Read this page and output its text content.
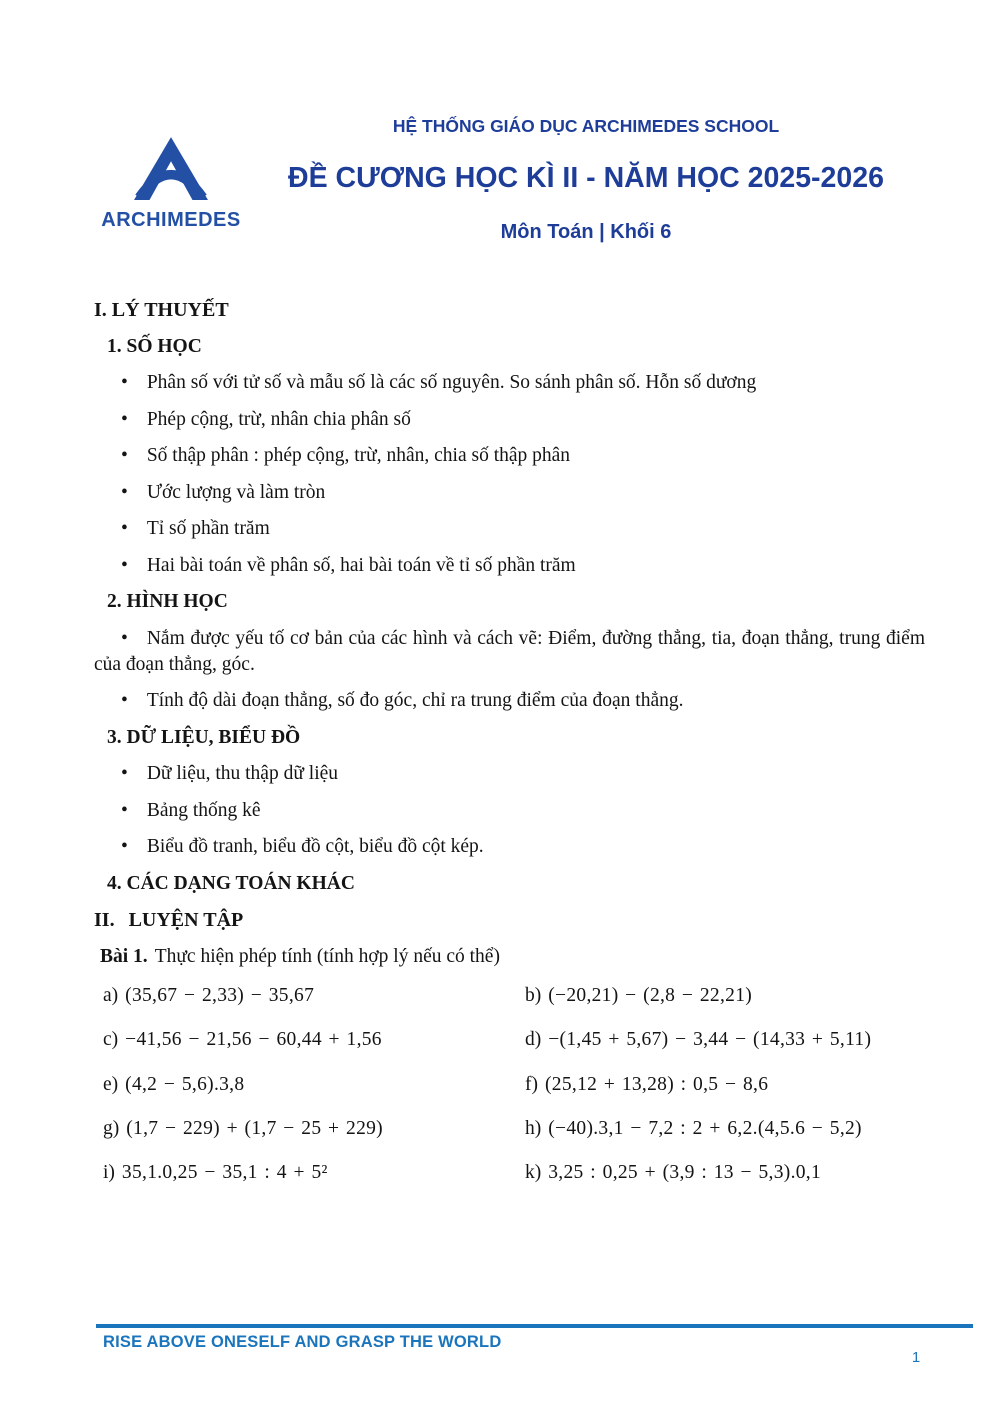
ARCHIMEDES
HỆ THỐNG GIÁO DỤC ARCHIMEDES SCHOOL
ĐỀ CƯƠNG HỌC KÌ II - NĂM HỌC 2025-2026
Môn Toán | Khối 6
I. LÝ THUYẾT
1. SỐ HỌC
• Phân số với tử số và mẫu số là các số nguyên. So sánh phân số. Hỗn số dương
• Phép cộng, trừ, nhân chia phân số
• Số thập phân : phép cộng, trừ, nhân, chia số thập phân
• Ước lượng và làm tròn
• Tỉ số phần trăm
• Hai bài toán về phân số, hai bài toán về tỉ số phần trăm
2. HÌNH HỌC
• Nắm được yếu tố cơ bản của các hình và cách vẽ: Điểm, đường thẳng, tia, đoạn thẳng, trung điểm của đoạn thẳng, góc.
• Tính độ dài đoạn thẳng, số đo góc, chỉ ra trung điểm của đoạn thẳng.
3. DỮ LIỆU, BIỂU ĐỒ
• Dữ liệu, thu thập dữ liệu
• Bảng thống kê
• Biểu đồ tranh, biểu đồ cột, biểu đồ cột kép.
4. CÁC DẠNG TOÁN KHÁC
II. LUYỆN TẬP
Bài 1. Thực hiện phép tính (tính hợp lý nếu có thể)
a) (35,67 − 2,33) − 35,67	b) (−20,21) − (2,8 − 22,21)
c) −41,56 − 21,56 − 60,44 + 1,56	d) −(1,45 + 5,67) − 3,44 − (14,33 + 5,11)
e) (4,2 − 5,6).3,8	f) (25,12 + 13,28) : 0,5 − 8,6
g) (1,7 − 229) + (1,7 − 25 + 229)	h) (−40).3,1 − 7,2 : 2 + 6,2.(4,5.6 − 5,2)
i) 35,1.0,25 − 35,1 : 4 + 5²	k) 3,25 : 0,25 + (3,9 : 13 − 5,3).0,1
RISE ABOVE ONESELF AND GRASP THE WORLD
1
